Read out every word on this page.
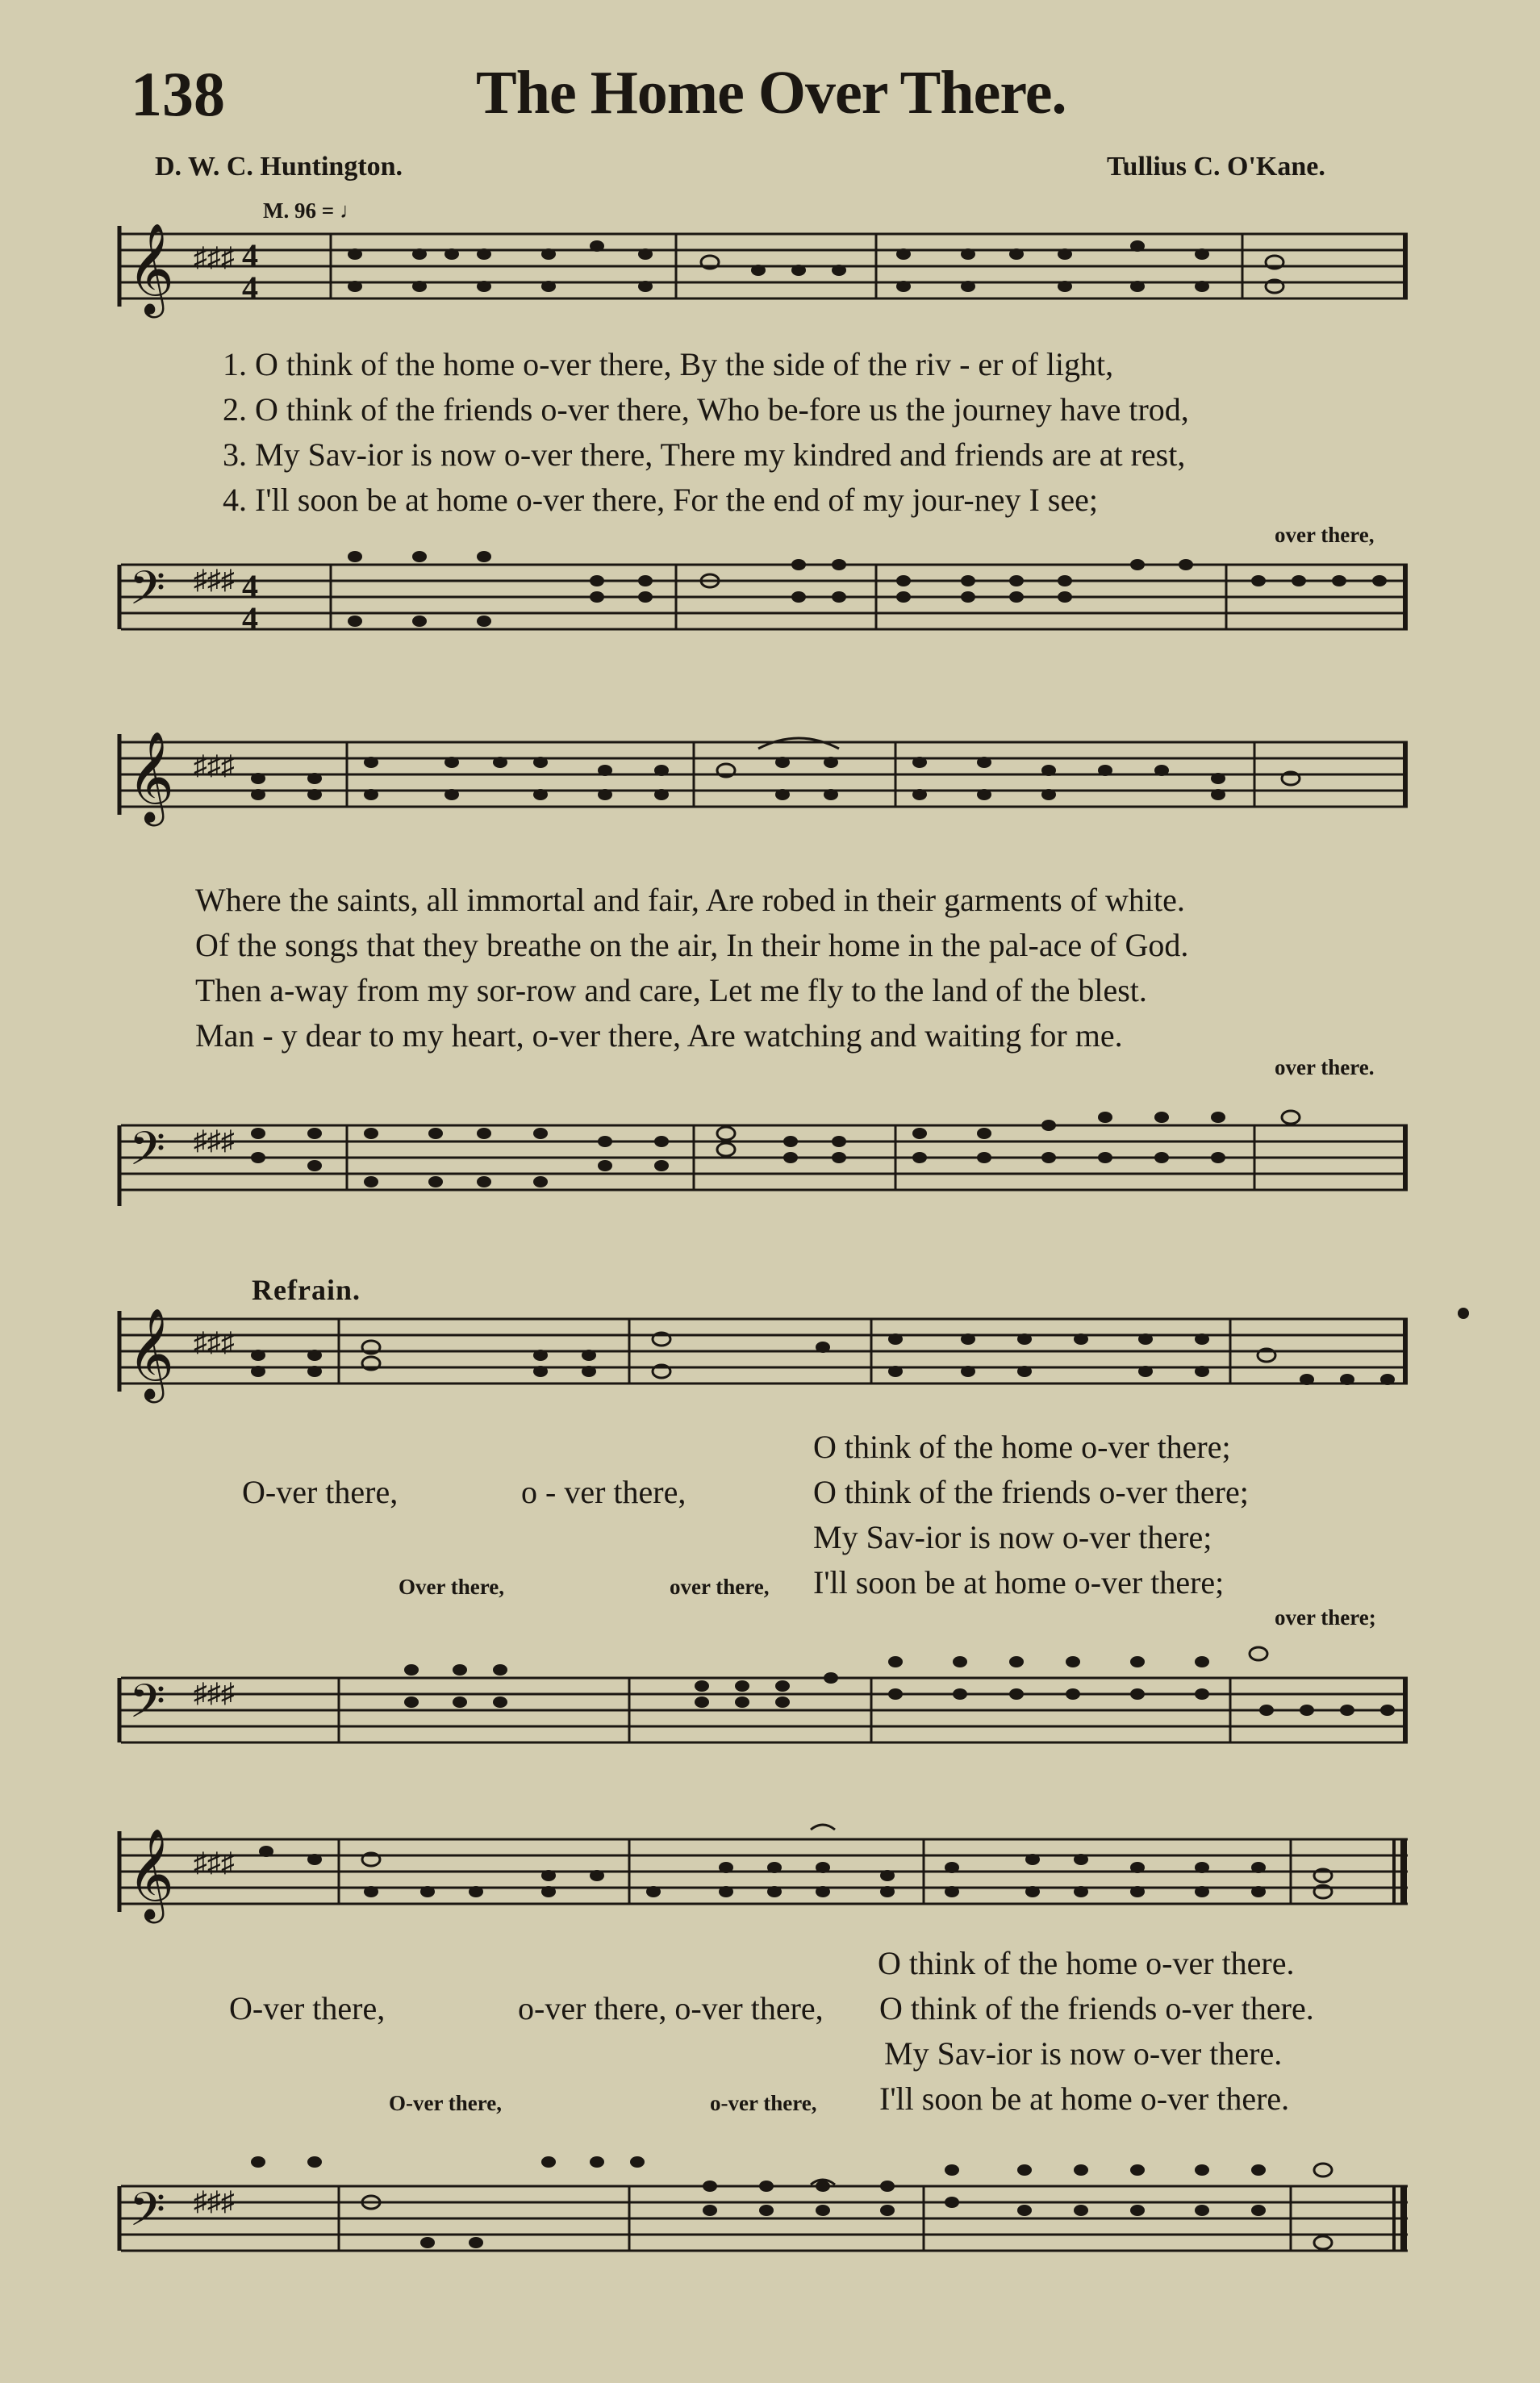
138	The Home Over There.
D. W. C. Huntington.	Tullius C. O'Kane.
M. 96 = ♩
𝄞 ♯♯♯ 4
4
1. O think of the home o-ver there, By the side of the riv - er of light,
2. O think of the friends o-ver there, Who be-fore us the journey have trod,
3. My Sav-ior is now o-ver there, There my kindred and friends are at rest,
4. I'll soon be at home o-ver there, For the end of my jour-ney I see;
over there,
𝄢 ♯♯♯ 4
4
𝄞 ♯♯♯
Where the saints, all immortal and fair, Are robed in their garments of white.
Of the songs that they breathe on the air, In their home in the pal-ace of God.
Then a-way from my sor-row and care, Let me fly to the land of the blest.
Man - y dear to my heart, o-ver there, Are watching and waiting for me.
over there.
𝄢 ♯♯♯
Refrain.
𝄞 ♯♯♯
O think of the home o-ver there;
O-ver there,	o - ver there,	O think of the friends o-ver there;
My Sav-ior is now o-ver there;
Over there,	over there, I'll soon be at home o-ver there;
over there;
𝄢 ♯♯♯
𝄞 ♯♯♯
O think of the home o-ver there.
O-ver there,	o-ver there, o-ver there, O think of the friends o-ver there.
My Sav-ior is now o-ver there.
O-ver there,	o-ver there, I'll soon be at home o-ver there.
𝄢 ♯♯♯
